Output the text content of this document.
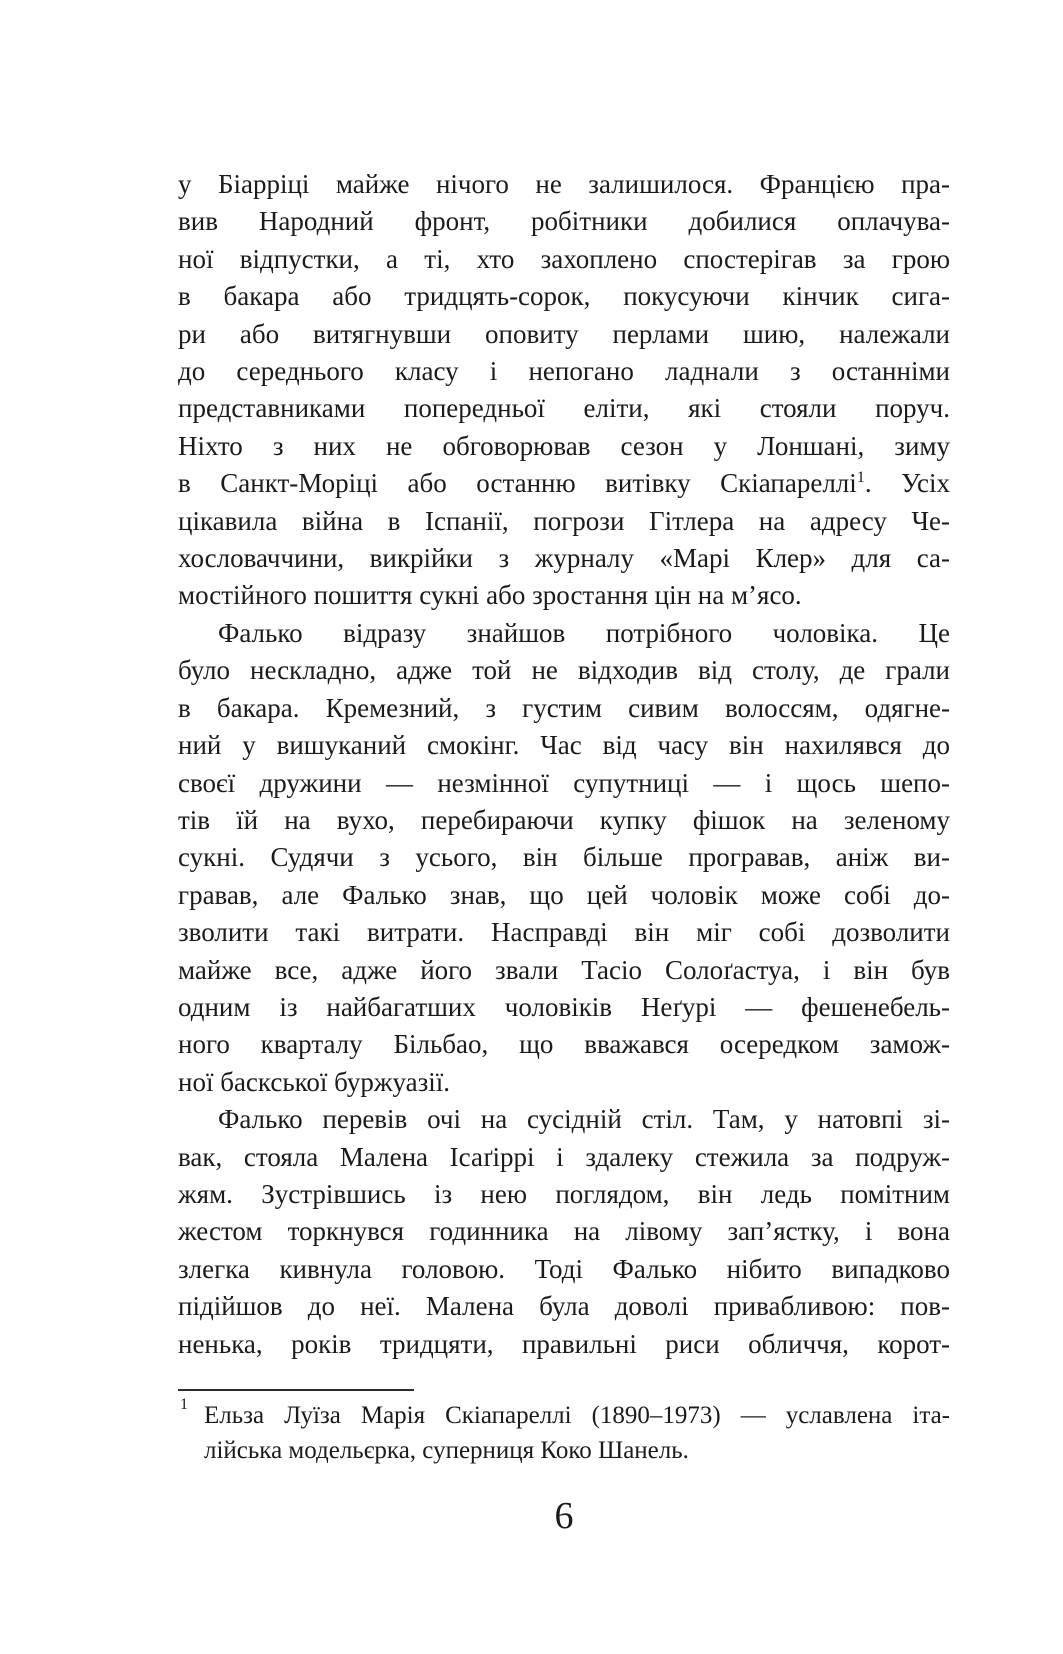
у Біарріці майже нічого не залишилося. Францією пра-
вив Народний фронт, робітники добилися оплачува-
ної відпустки, а ті, хто захоплено спостерігав за грою
в бакара або тридцять-сорок, покусуючи кінчик сига-
ри або витягнувши оповиту перлами шию, належали
до середнього класу і непогано ладнали з останніми
представниками попередньої еліти, які стояли поруч.
Ніхто з них не обговорював сезон у Лоншані, зиму
в Санкт-Моріці або останню витівку Скіапареллі$^1$. Усіх
цікавила війна в Іспанії, погрози Гітлера на адресу Че-
хословаччини, викрійки з журналу «Марі Клер» для са-
мостійного пошиття сукні або зростання цін на м’ясо.
Фалько відразу знайшов потрібного чоловіка. Це
було нескладно, адже той не відходив від столу, де грали
в бакара. Кремезний, з густим сивим волоссям, одягне-
ний у вишуканий смокінг. Час від часу він нахилявся до
своєї дружини — незмінної супутниці — і щось шепо-
тів їй на вухо, перебираючи купку фішок на зеленому
сукні. Судячи з усього, він більше програвав, аніж ви-
гравав, але Фалько знав, що цей чоловік може собі до-
зволити такі витрати. Насправді він міг собі дозволити
майже все, адже його звали Тасіо Солоґастуа, і він був
одним із найбагатших чоловіків Неґурі — фешенебель-
ного кварталу Більбао, що вважався осередком замож-
ної баскської буржуазії.
Фалько перевів очі на сусідній стіл. Там, у натовпі зі-
вак, стояла Малена Ісаґіррі і здалеку стежила за подруж-
жям. Зустрівшись із нею поглядом, він ледь помітним
жестом торкнувся годинника на лівому зап’ястку, і вона
злегка кивнула головою. Тоді Фалько нібито випадково
підійшов до неї. Малена була доволі привабливою: пов-
ненька, років тридцяти, правильні риси обличчя, корот-
1 Ельза Луїза Марія Скіапареллі (1890–1973) — уславлена іта-
лійська модельєрка, суперниця Коко Шанель.
6
